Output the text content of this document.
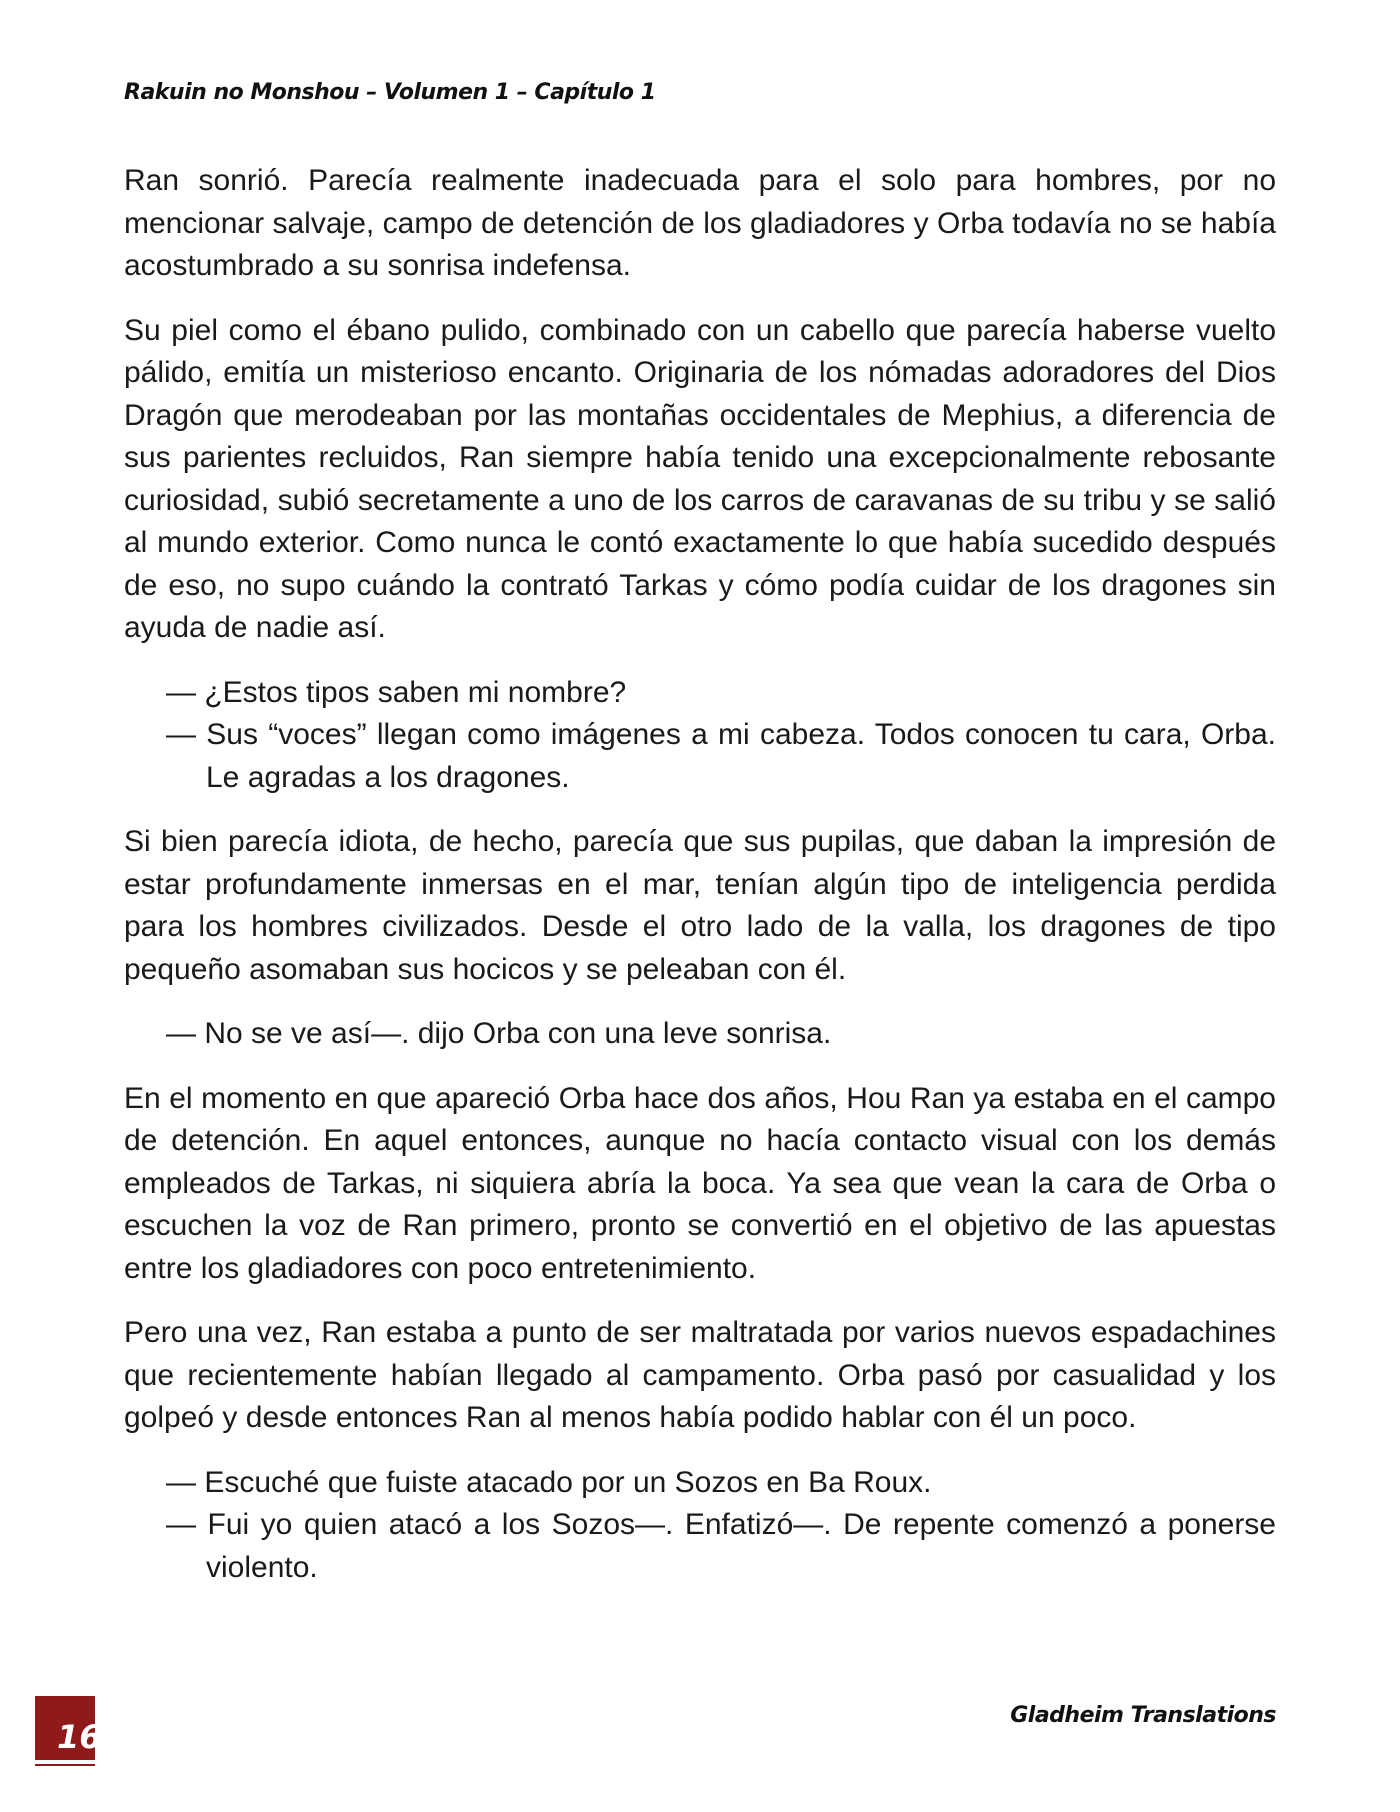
Rakuin no Monshou – Volumen 1 – Capítulo 1

Ran sonrió. Parecía realmente inadecuada para el solo para hombres, por no mencionar salvaje, campo de detención de los gladiadores y Orba todavía no se había acostumbrado a su sonrisa indefensa.

Su piel como el ébano pulido, combinado con un cabello que parecía haberse vuelto pálido, emitía un misterioso encanto. Originaria de los nómadas adoradores del Dios Dragón que merodeaban por las montañas occidentales de Mephius, a diferencia de sus parientes recluidos, Ran siempre había tenido una excepcionalmente rebosante curiosidad, subió secretamente a uno de los carros de caravanas de su tribu y se salió al mundo exterior. Como nunca le contó exactamente lo que había sucedido después de eso, no supo cuándo la contrató Tarkas y cómo podía cuidar de los dragones sin ayuda de nadie así.

— ¿Estos tipos saben mi nombre?

— Sus “voces” llegan como imágenes a mi cabeza. Todos conocen tu cara, Orba. Le agradas a los dragones.

Si bien parecía idiota, de hecho, parecía que sus pupilas, que daban la impresión de estar profundamente inmersas en el mar, tenían algún tipo de inteligencia perdida para los hombres civilizados. Desde el otro lado de la valla, los dragones de tipo pequeño asomaban sus hocicos y se peleaban con él.

— No se ve así—. dijo Orba con una leve sonrisa.

En el momento en que apareció Orba hace dos años, Hou Ran ya estaba en el campo de detención. En aquel entonces, aunque no hacía contacto visual con los demás empleados de Tarkas, ni siquiera abría la boca. Ya sea que vean la cara de Orba o escuchen la voz de Ran primero, pronto se convertió en el objetivo de las apuestas entre los gladiadores con poco entretenimiento.

Pero una vez, Ran estaba a punto de ser maltratada por varios nuevos espadachines que recientemente habían llegado al campamento. Orba pasó por casualidad y los golpeó y desde entonces Ran al menos había podido hablar con él un poco.

— Escuché que fuiste atacado por un Sozos en Ba Roux.

— Fui yo quien atacó a los Sozos—. Enfatizó—. De repente comenzó a ponerse violento.

16
Gladheim Translations
